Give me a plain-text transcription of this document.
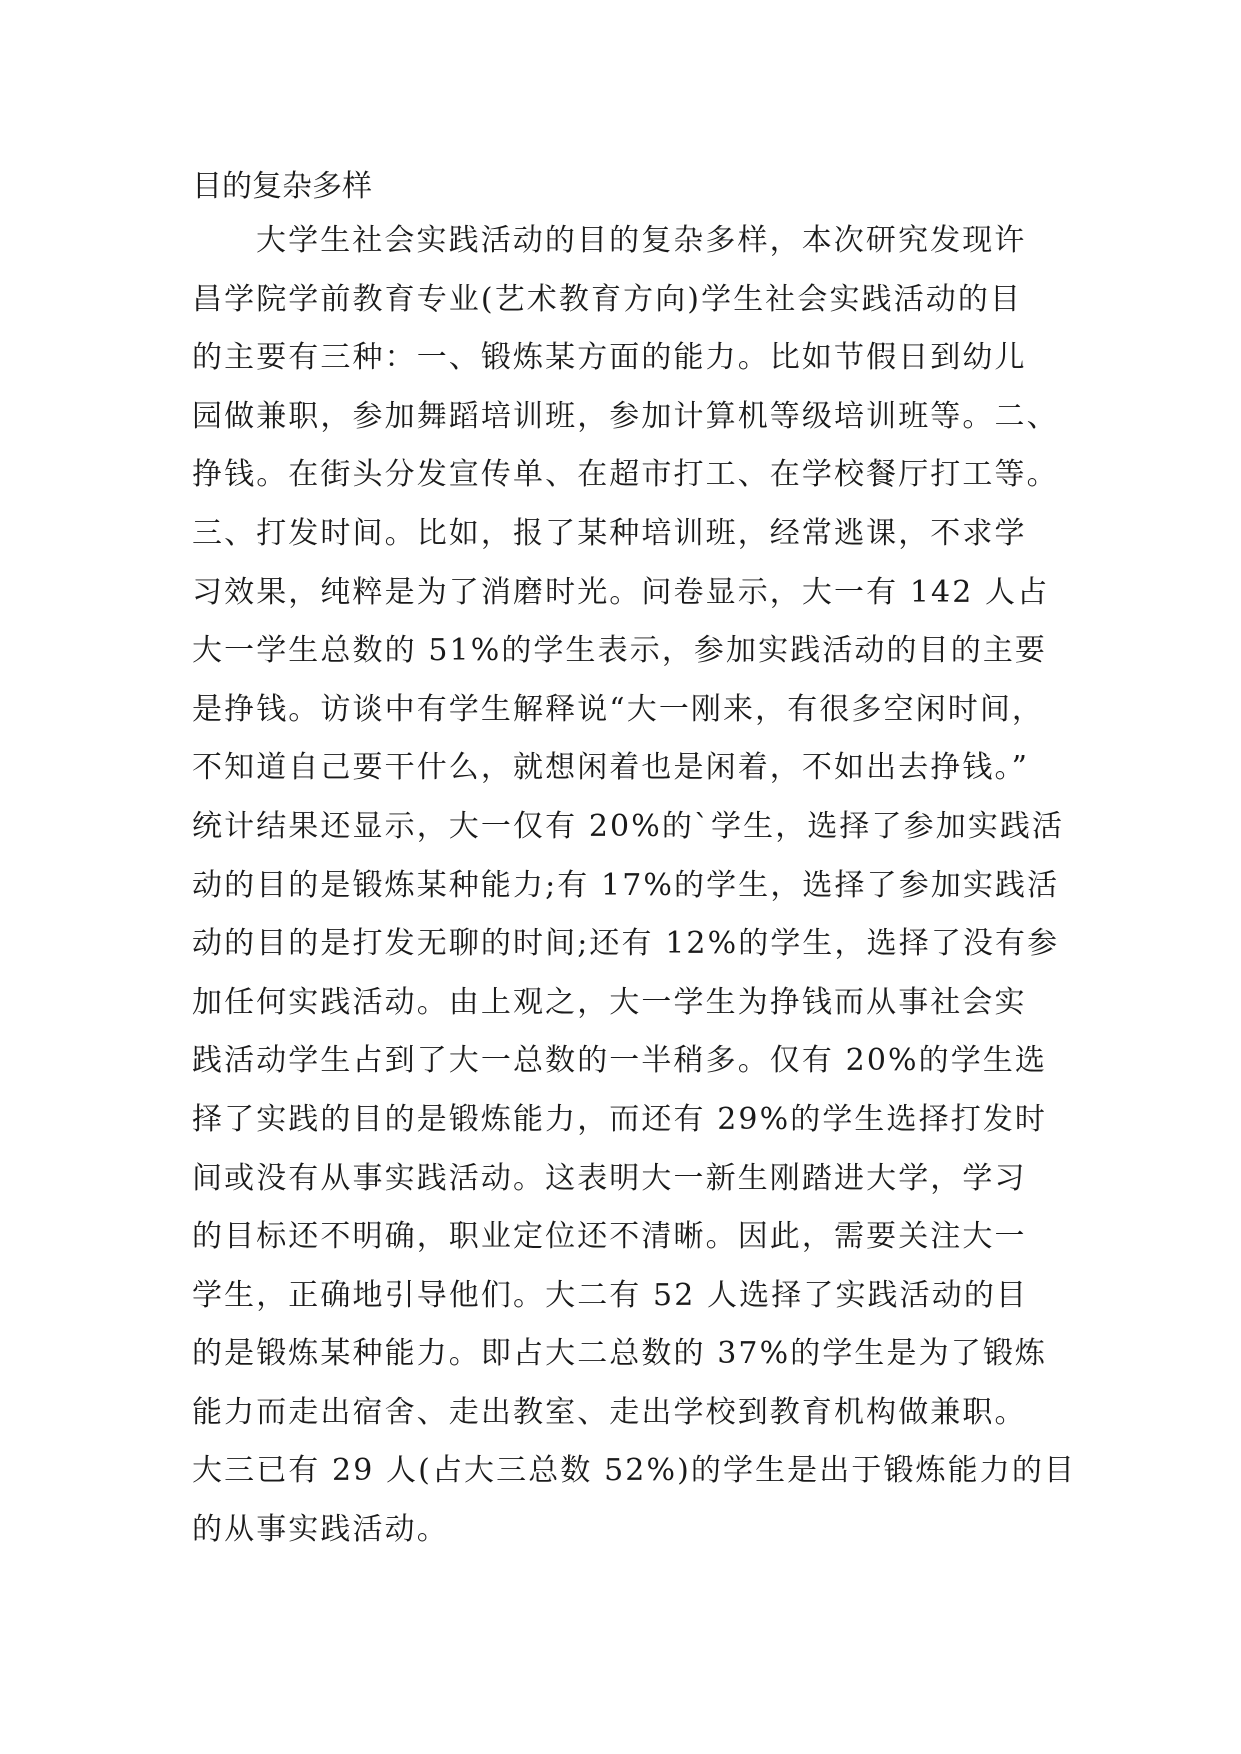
目的复杂多样
大学生社会实践活动的目的复杂多样，本次研究发现许
昌学院学前教育专业(艺术教育方向)学生社会实践活动的目
的主要有三种：一、锻炼某方面的能力。比如节假日到幼儿
园做兼职，参加舞蹈培训班，参加计算机等级培训班等。二、
挣钱。在街头分发宣传单、在超市打工、在学校餐厅打工等。
三、打发时间。比如，报了某种培训班，经常逃课，不求学
习效果，纯粹是为了消磨时光。问卷显示，大一有 142 人占
大一学生总数的 51%的学生表示，参加实践活动的目的主要
是挣钱。访谈中有学生解释说“大一刚来，有很多空闲时间，
不知道自己要干什么，就想闲着也是闲着，不如出去挣钱。”
统计结果还显示，大一仅有 20%的`学生，选择了参加实践活
动的目的是锻炼某种能力;有 17%的学生，选择了参加实践活
动的目的是打发无聊的时间;还有 12%的学生，选择了没有参
加任何实践活动。由上观之，大一学生为挣钱而从事社会实
践活动学生占到了大一总数的一半稍多。仅有 20%的学生选
择了实践的目的是锻炼能力，而还有 29%的学生选择打发时
间或没有从事实践活动。这表明大一新生刚踏进大学，学习
的目标还不明确，职业定位还不清晰。因此，需要关注大一
学生，正确地引导他们。大二有 52 人选择了实践活动的目
的是锻炼某种能力。即占大二总数的 37%的学生是为了锻炼
能力而走出宿舍、走出教室、走出学校到教育机构做兼职。
大三已有 29 人(占大三总数 52%)的学生是出于锻炼能力的目
的从事实践活动。
